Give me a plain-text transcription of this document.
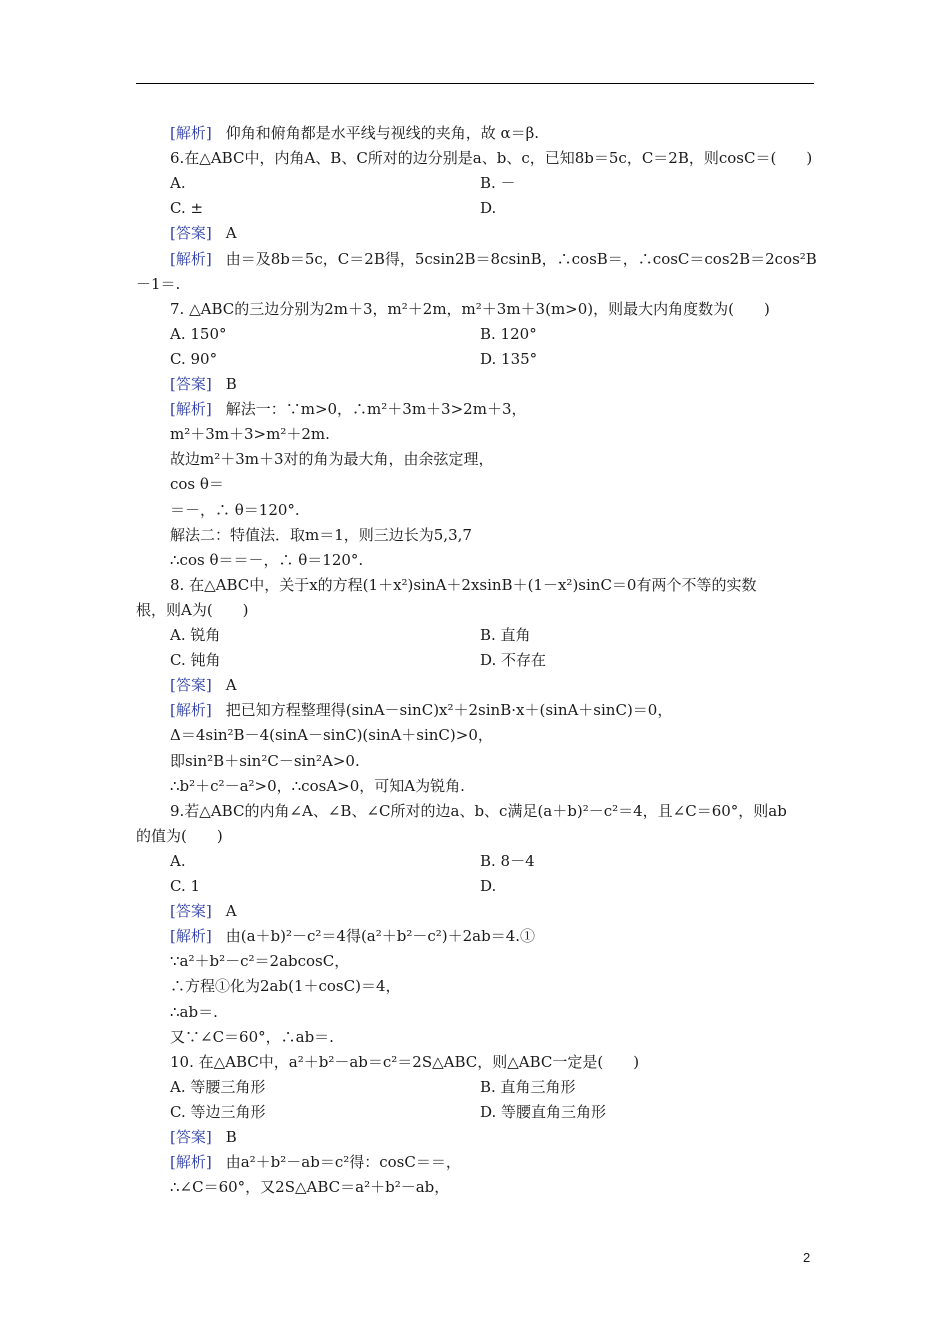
[解析] 仰角和俯角都是水平线与视线的夹角，故 α＝β.
6.在△ABC中，内角A、B、C所对的边分别是a、b、c，已知8b＝5c，C＝2B，则cosC＝(　　)
A.	B. －
C. ±	D.
[答案] A
[解析] 由＝及8b＝5c，C＝2B得，5csin2B＝8csinB，∴cosB＝，∴cosC＝cos2B＝2cos²B
－1＝.
7. △ABC的三边分别为2m＋3，m²＋2m，m²＋3m＋3(m>0)，则最大内角度数为(　　)
A. 150°	B. 120°
C. 90°	D. 135°
[答案] B
[解析] 解法一：∵m>0，∴m²＋3m＋3>2m＋3，
m²＋3m＋3>m²＋2m.
故边m²＋3m＋3对的角为最大角，由余弦定理，
cos θ＝
＝－，∴ θ＝120°.
解法二：特值法．取m＝1，则三边长为5,3,7
∴cos θ＝＝－，∴ θ＝120°.
8. 在△ABC中，关于x的方程(1＋x²)sinA＋2xsinB＋(1－x²)sinC＝0有两个不等的实数
根，则A为(　　)
A. 锐角	B. 直角
C. 钝角	D. 不存在
[答案] A
[解析] 把已知方程整理得(sinA－sinC)x²＋2sinB·x＋(sinA＋sinC)＝0，
Δ＝4sin²B－4(sinA－sinC)(sinA＋sinC)>0，
即sin²B＋sin²C－sin²A>0.
∴b²＋c²－a²>0，∴cosA>0，可知A为锐角.
9.若△ABC的内角∠A、∠B、∠C所对的边a、b、c满足(a＋b)²－c²＝4，且∠C＝60°，则ab
的值为(　　)
A.	B. 8－4
C. 1	D.
[答案] A
[解析] 由(a＋b)²－c²＝4得(a²＋b²－c²)＋2ab＝4.①
∵a²＋b²－c²＝2abcosC，
∴方程①化为2ab(1＋cosC)＝4，
∴ab＝.
又∵∠C＝60°，∴ab＝.
10. 在△ABC中，a²＋b²－ab＝c²＝2S△ABC，则△ABC一定是(　　)
A. 等腰三角形	B. 直角三角形
C. 等边三角形	D. 等腰直角三角形
[答案] B
[解析] 由a²＋b²－ab＝c²得：cosC＝＝，
∴∠C＝60°，又2S△ABC＝a²＋b²－ab，
2
